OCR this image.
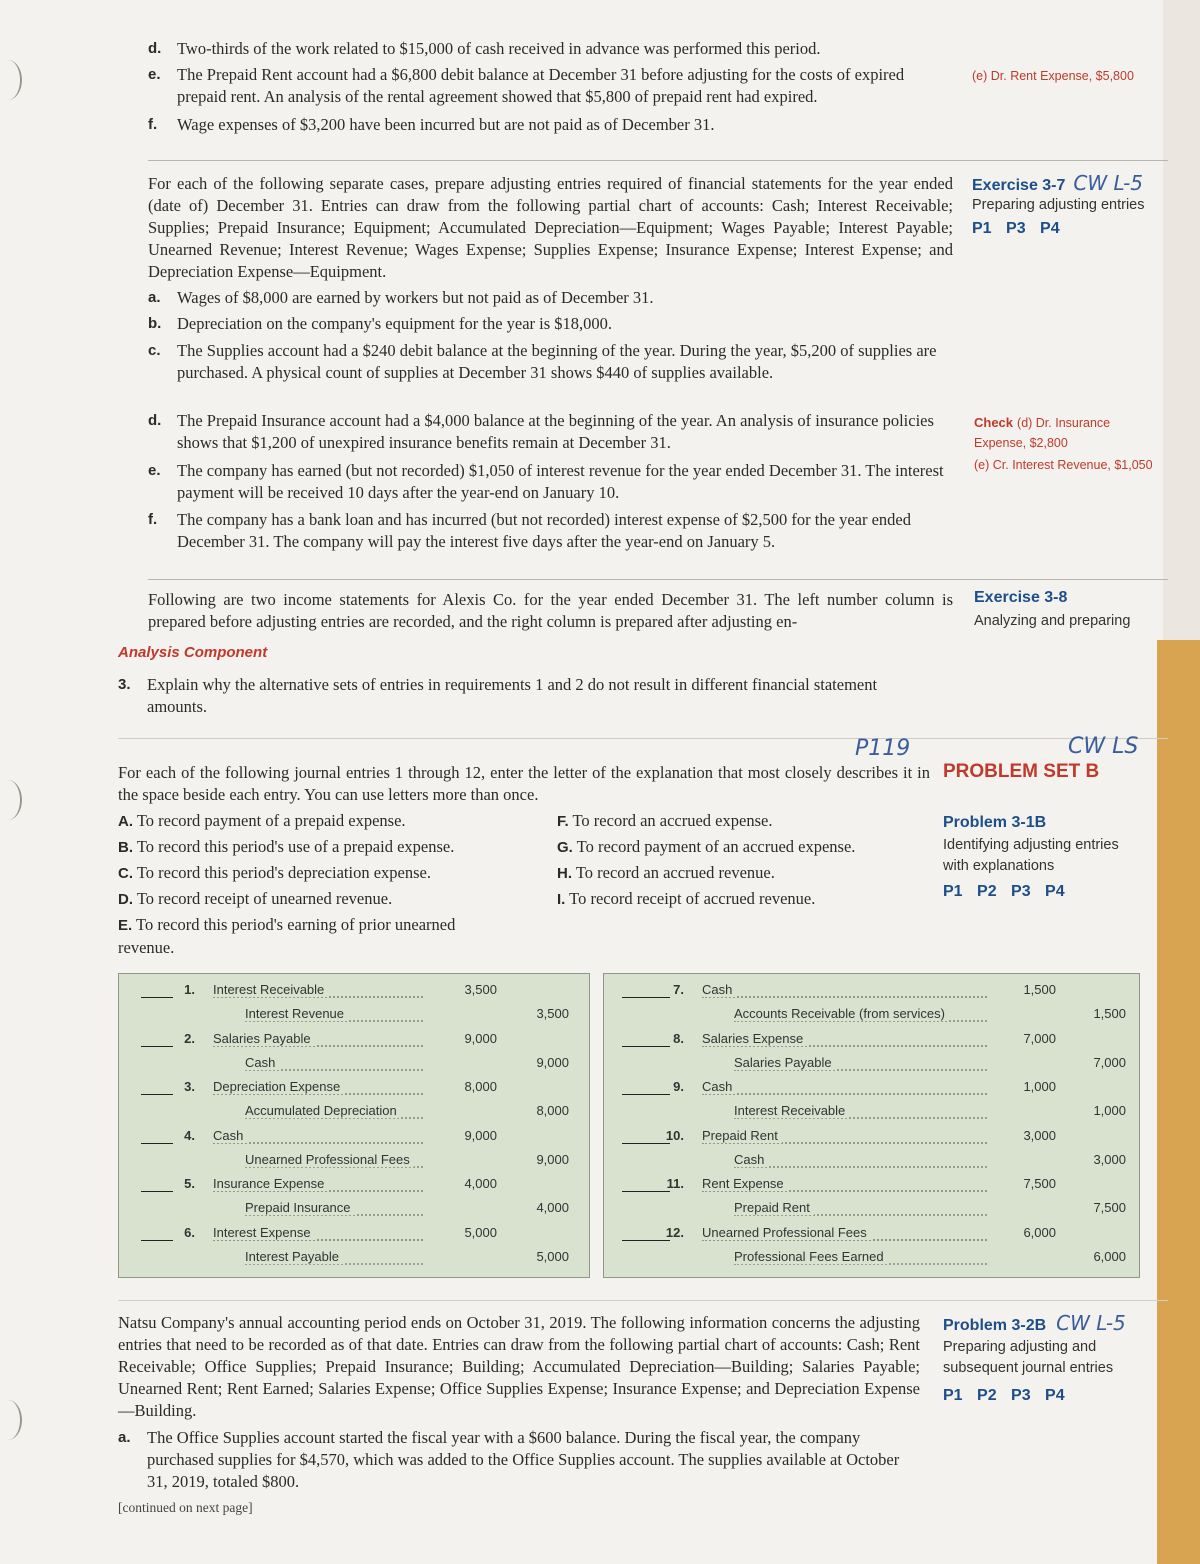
d. Two-thirds of the work related to $15,000 of cash received in advance was performed this period.
e. The Prepaid Rent account had a $6,800 debit balance at December 31 before adjusting for the costs of expired prepaid rent. An analysis of the rental agreement showed that $5,800 of prepaid rent had expired.
f. Wage expenses of $3,200 have been incurred but are not paid as of December 31.
(e) Dr. Rent Expense, $5,800
Exercise 3-7 CW L-5
Preparing adjusting entries
P1 P3 P4
For each of the following separate cases, prepare adjusting entries required of financial statements for the year ended (date of) December 31. Entries can draw from the following partial chart of accounts: Cash; Interest Receivable; Supplies; Prepaid Insurance; Equipment; Accumulated Depreciation—Equipment; Wages Payable; Interest Payable; Unearned Revenue; Interest Revenue; Wages Expense; Supplies Expense; Insurance Expense; Interest Expense; and Depreciation Expense—Equipment.
a. Wages of $8,000 are earned by workers but not paid as of December 31.
b. Depreciation on the company's equipment for the year is $18,000.
c. The Supplies account had a $240 debit balance at the beginning of the year. During the year, $5,200 of supplies are purchased. A physical count of supplies at December 31 shows $440 of supplies available.
d. The Prepaid Insurance account had a $4,000 balance at the beginning of the year. An analysis of insurance policies shows that $1,200 of unexpired insurance benefits remain at December 31.
e. The company has earned (but not recorded) $1,050 of interest revenue for the year ended December 31. The interest payment will be received 10 days after the year-end on January 10.
f. The company has a bank loan and has incurred (but not recorded) interest expense of $2,500 for the year ended December 31. The company will pay the interest five days after the year-end on January 5.
Check (d) Dr. Insurance Expense, $2,800
(e) Cr. Interest Revenue, $1,050
Exercise 3-8
Analyzing and preparing
Following are two income statements for Alexis Co. for the year ended December 31. The left number column is prepared before adjusting entries are recorded, and the right column is prepared after adjusting en-
Analysis Component
3. Explain why the alternative sets of entries in requirements 1 and 2 do not result in different financial statement amounts.
P119	CW LS
PROBLEM SET B
Problem 3-1B
Identifying adjusting entries with explanations
P1 P2 P3 P4
For each of the following journal entries 1 through 12, enter the letter of the explanation that most closely describes it in the space beside each entry. You can use letters more than once.
A. To record payment of a prepaid expense.
B. To record this period's use of a prepaid expense.
C. To record this period's depreciation expense.
D. To record receipt of unearned revenue.
E. To record this period's earning of prior unearned revenue.
F. To record an accrued expense.
G. To record payment of an accrued expense.
H. To record an accrued revenue.
I. To record receipt of accrued revenue.
1. Interest Receivable	3,500
Interest Revenue	3,500
2. Salaries Payable	9,000
Cash	9,000
3. Depreciation Expense	8,000
Accumulated Depreciation	8,000
4. Cash	9,000
Unearned Professional Fees	9,000
5. Insurance Expense	4,000
Prepaid Insurance	4,000
6. Interest Expense	5,000
Interest Payable	5,000
7. Cash	1,500
Accounts Receivable (from services)	1,500
8. Salaries Expense	7,000
Salaries Payable	7,000
9. Cash	1,000
Interest Receivable	1,000
10. Prepaid Rent	3,000
Cash	3,000
11. Rent Expense	7,500
Prepaid Rent	7,500
12. Unearned Professional Fees	6,000
Professional Fees Earned	6,000
Problem 3-2B CW L-5
Preparing adjusting and subsequent journal entries
P1 P2 P3 P4
Natsu Company's annual accounting period ends on October 31, 2019. The following information concerns the adjusting entries that need to be recorded as of that date. Entries can draw from the following partial chart of accounts: Cash; Rent Receivable; Office Supplies; Prepaid Insurance; Building; Accumulated Depreciation—Building; Salaries Payable; Unearned Rent; Rent Earned; Salaries Expense; Office Supplies Expense; Insurance Expense; and Depreciation Expense—Building.
a. The Office Supplies account started the fiscal year with a $600 balance. During the fiscal year, the company purchased supplies for $4,570, which was added to the Office Supplies account. The supplies available at October 31, 2019, totaled $800.
[continued on next page]
